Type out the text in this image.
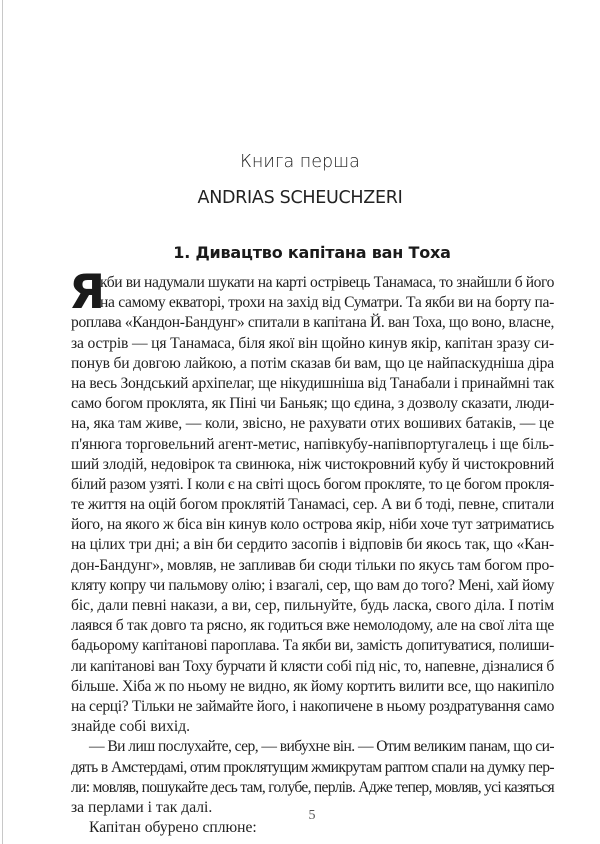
Книга перша
ANDRIAS SCHEUCHZERI
1. Дивацтво капітана ван Тоха
Я
кби ви надумали шукати на карті острівець Танамаса, то знайшли б його
на самому екваторі, трохи на захід від Суматри. Та якби ви на борту па-
роплава «Кандон-Бандунг» спитали в капітана Й. ван Тоха, що воно, власне,
за острів — ця Танамаса, біля якої він щойно кинув якір, капітан зразу си-
понув би довгою лайкою, а потім сказав би вам, що це найпаскудніша діра
на весь Зондський архіпелаг, ще нікудишніша від Танабали і принаймні так
само богом проклята, як Піні чи Баньяк; що єдина, з дозволу сказати, люди-
на, яка там живе, — коли, звісно, не рахувати отих вошивих батаків, — це
п'янюга торговельний агент-метис, напівкубу-напівпортугалець і ще біль-
ший злодій, недовірок та свинюка, ніж чистокровний кубу й чистокровний
білий разом узяті. І коли є на світі щось богом прокляте, то це богом прокля-
те життя на оцій богом проклятій Танамасі, сер. А ви б тоді, певне, спитали
його, на якого ж біса він кинув коло острова якір, ніби хоче тут затриматись
на цілих три дні; а він би сердито засопів і відповів би якось так, що «Кан-
дон-Бандунг», мовляв, не запливав би сюди тільки по якусь там богом про-
кляту копру чи пальмову олію; і взагалі, сер, що вам до того? Мені, хай йому
біс, дали певні накази, а ви, сер, пильнуйте, будь ласка, свого діла. І потім
лаявся б так довго та рясно, як годиться вже немолодому, але на свої літа ще
бадьорому капітанові пароплава. Та якби ви, замість допитуватися, полиши-
ли капітанові ван Тоху бурчати й клясти собі під ніс, то, напевне, дізналися б
більше. Хіба ж по ньому не видно, як йому кортить вилити все, що накипіло
на серці? Тільки не займайте його, і накопичене в ньому роздратування само
знайде собі вихід.
— Ви лиш послухайте, сер, — вибухне він. — Отим великим панам, що си-
дять в Амстердамі, отим проклятущим жмикрутам раптом спали на думку пер-
ли: мовляв, пошукайте десь там, голубе, перлів. Адже тепер, мовляв, усі казяться
за перлами і так далі.
Капітан обурено сплюне:
5
